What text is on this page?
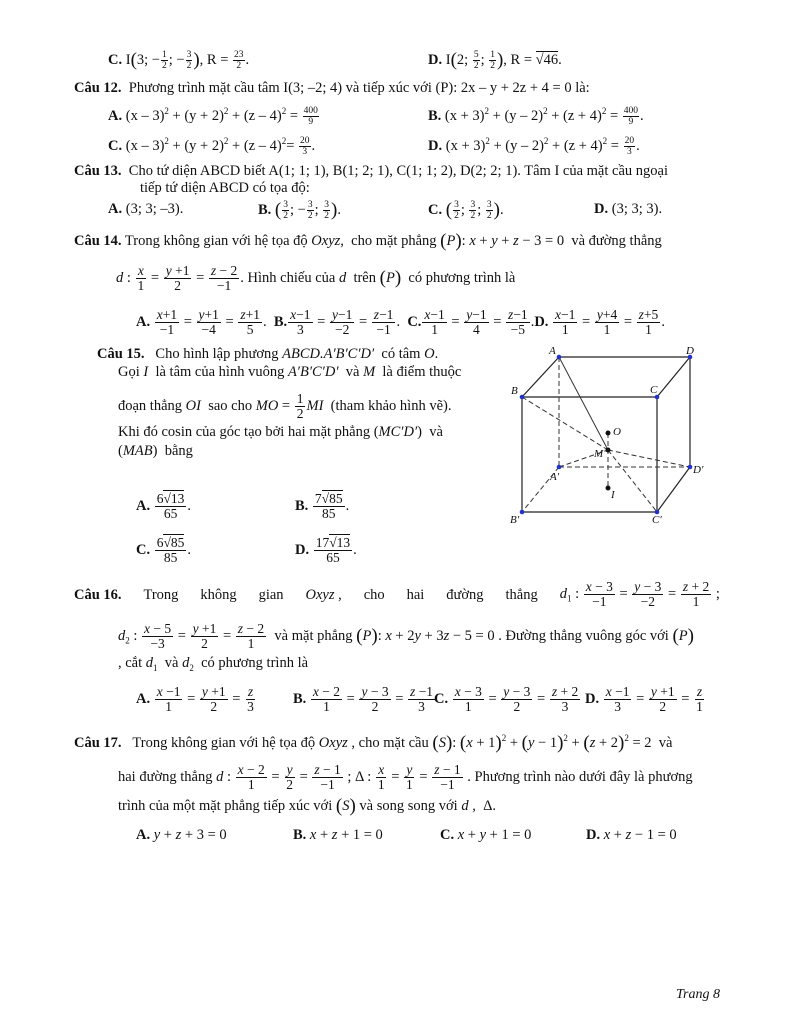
C. I(3; − $\frac{1}{2}$ ; − $\frac{3}{2}$ ), $R = \frac{23}{2}$ .	D. I(2; $\frac{5}{2}$ ; $\frac{1}{2}$ ), R = √46.
Câu 12.  Phương trình mặt cầu tâm I(3; –2; 4) và tiếp xúc với (P): 2x – y + 2z + 4 = 0 là:
A. $(x - 3)^2 + (y + 2)^2 + (z - 4)^2 = \frac{400}{9}$	B. $(x + 3)^2 + (y - 2)^2 + (z + 4)^2 = \frac{400}{9}$ .
C. $(x - 3)^2 + (y + 2)^2 + (z - 4)^2= \frac{20}{3}$ .	D. $(x + 3)^2 + (y - 2)^2 + (z + 4)^2 = \frac{20}{3}$ .
Câu 13. Cho tứ diện ABCD biết A(1; 1; 1), B(1; 2; 1), C(1; 1; 2), D(2; 2; 1). Tâm I của mặt cầu ngoại
tiếp tứ diện ABCD có tọa độ:
A. (3; 3; –3).	B. ( $\frac{3}{2}$ ; − $\frac{3}{2}$ ; $\frac{3}{2}$ ).	C. ( $\frac{3}{2}$ ; $\frac{3}{2}$ ; $\frac{3}{2}$ ).	D. (3; 3; 3).
Câu 14. Trong không gian với hệ tọa độ Oxyz,  cho mặt phẳng (P): x + y + z − 3 = 0  và đường thẳng
d : $\frac{x}{1} = \frac{y +1}{2} = \frac{z - 2}{-1}$ . Hình chiếu của d  trên (P)  có phương trình là
A. $\frac{x+1}{-1} = \frac{y+1}{-4} = \frac{z+1}{5}$ .  B. $\frac{x-1}{3} = \frac{y-1}{-2} = \frac{z-1}{-1}$ .  C. $\frac{x-1}{1} = \frac{y-1}{4} = \frac{z-1}{-5} .D$. $\frac{x-1}{1} = \frac{y+4}{1} = \frac{z+5}{1}$ .
Câu 15.   Cho hình lập phương ABCD.A′B′C′D′  có tâm O.
Gọi I  là tâm của hình vuông A′B′C′D′  và M  là điểm thuộc
đoạn thẳng OI  sao cho MO = $\frac{1}{2}$ MI  (tham khảo hình vẽ).
Khi đó cosin của góc tạo bởi hai mặt phẳng (MC′D′)  và
(MAB)  bằng
A. $\frac{6√13}{65}$ .	B. $\frac{7√85}{85}$ .
C. $\frac{6√85}{85}$ .	D. $\frac{17√13}{65}$ .
A
B	C
D
A′
B′	C′
D′
O
M
I
Câu 16. Trong không gian Oxyz , cho hai đường thẳng $d_1$ : $\frac{x - 3}{-1} = \frac{y - 3}{-2} = \frac{z + 2}{1}$ ;
$d_2$ : $\frac{x - 5}{-3} = \frac{y +1}{2} = \frac{z - 2}{1}$ và mặt phẳng (P): x + 2y + 3z − 5 = 0 . Đường thẳng vuông góc với (P)
, cắt $d_1$  và $d_2$  có phương trình là
A. $\frac{x -1}{1} = \frac{y +1}{2} = \frac{z}{3}$	B. $\frac{x - 2}{1} = \frac{y - 3}{2} = \frac{z -1}{3}$
C. $\frac{x - 3}{1} = \frac{y - 3}{2} = \frac{z + 2}{3} D$. $\frac{x -1}{3} = \frac{y +1}{2} = \frac{z}{1}$
Câu 17.   Trong không gian với hệ tọa độ Oxyz , cho mặt cầu (S): $(x + 1)^2 + (y - 1)^2 + (z + 2)^2 = 2$  và
hai đường thẳng d : $\frac{x - 2}{1} = \frac{y}{2} = \frac{z - 1}{-1}$ ; Δ : $\frac{x}{1} = \frac{y}{1} = \frac{z - 1}{-1}$ . Phương trình nào dưới đây là phương
trình của một mặt phẳng tiếp xúc với (S) và song song với d ,  Δ.
A. y + z + 3 = 0	B. x + z + 1 = 0	C. x + y + 1 = 0	D. x + z − 1 = 0
Trang 8
